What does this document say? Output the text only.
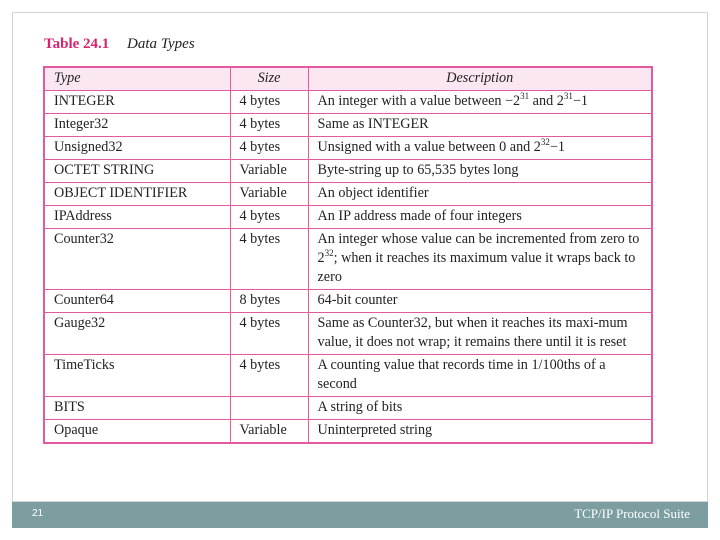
Table 24.1 Data Types
Type	Size	Description
INTEGER	4 bytes	An integer with a value between $-2^{31}$ and $2^{31}-1$
Integer32	4 bytes	Same as INTEGER
Unsigned32	4 bytes	Unsigned with a value between 0 and $2^{32}-1$
OCTET STRING	Variable	Byte-string up to 65,535 bytes long
OBJECT IDENTIFIER	Variable	An object identifier
IPAddress	4 bytes	An IP address made of four integers
Counter32	4 bytes	An integer whose value can be incremented from zero to $2^{32}$; when it reaches its maximum value it wraps back to zero
Counter64	8 bytes	64-bit counter
Gauge32	4 bytes	Same as Counter32, but when it reaches its maxi-mum value, it does not wrap; it remains there until it is reset
TimeTicks	4 bytes	A counting value that records time in 1/100ths of a second
BITS		A string of bits
Opaque	Variable	Uninterpreted string
21	TCP/IP Protocol Suite
